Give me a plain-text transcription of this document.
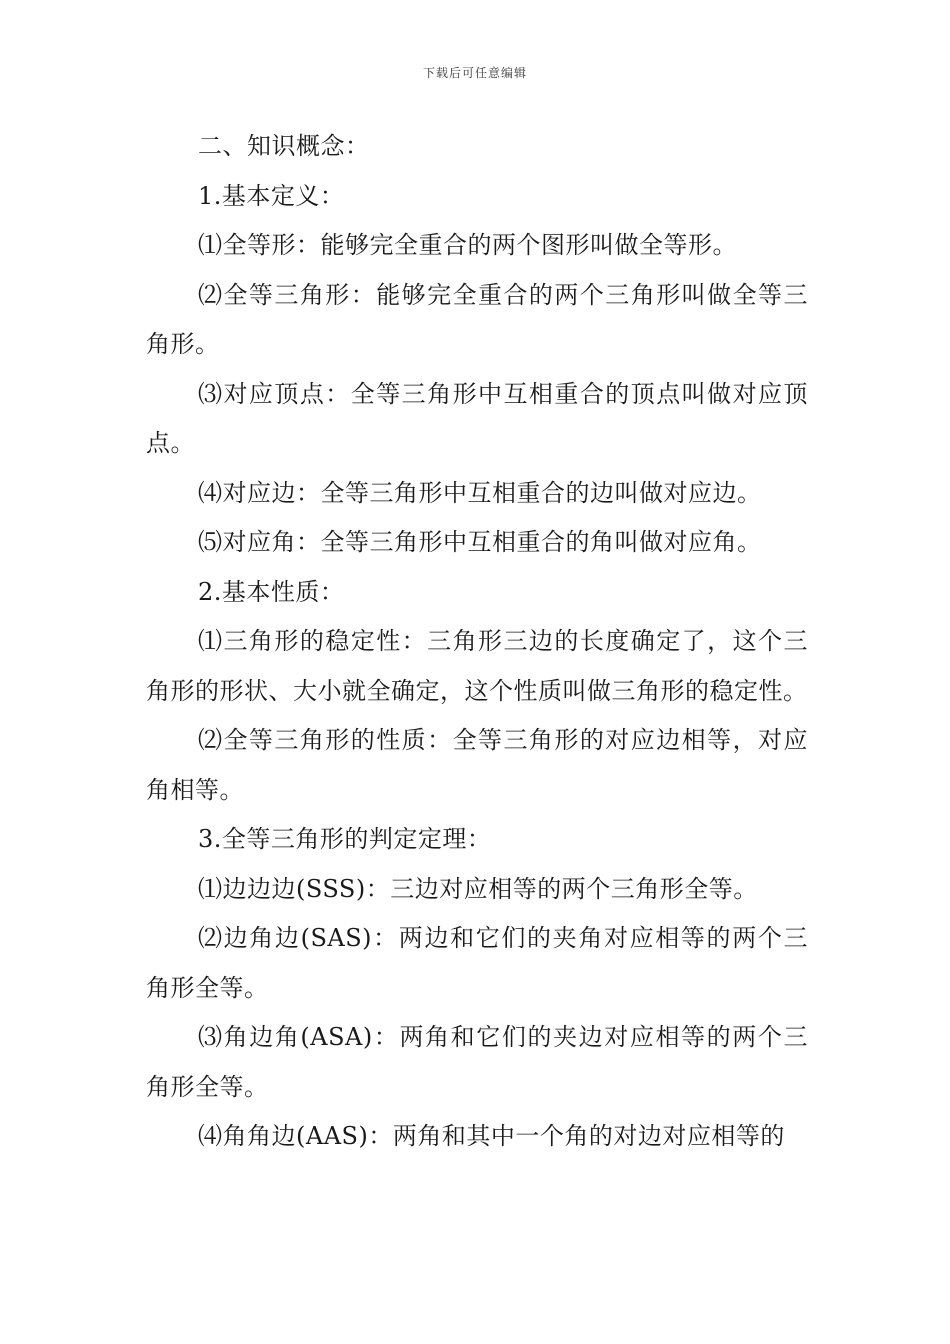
下载后可任意编辑

二、知识概念：

1.基本定义：

⑴全等形：能够完全重合的两个图形叫做全等形。

⑵全等三角形：能够完全重合的两个三角形叫做全等三角形。

⑶对应顶点：全等三角形中互相重合的顶点叫做对应顶点。

⑷对应边：全等三角形中互相重合的边叫做对应边。

⑸对应角：全等三角形中互相重合的角叫做对应角。

2.基本性质：

⑴三角形的稳定性：三角形三边的长度确定了，这个三角形的形状、大小就全确定，这个性质叫做三角形的稳定性。

⑵全等三角形的性质：全等三角形的对应边相等，对应角相等。

3.全等三角形的判定定理：

⑴边边边(SSS)：三边对应相等的两个三角形全等。

⑵边角边(SAS)：两边和它们的夹角对应相等的两个三角形全等。

⑶角边角(ASA)：两角和它们的夹边对应相等的两个三角形全等。

⑷角角边(AAS)：两角和其中一个角的对边对应相等的
